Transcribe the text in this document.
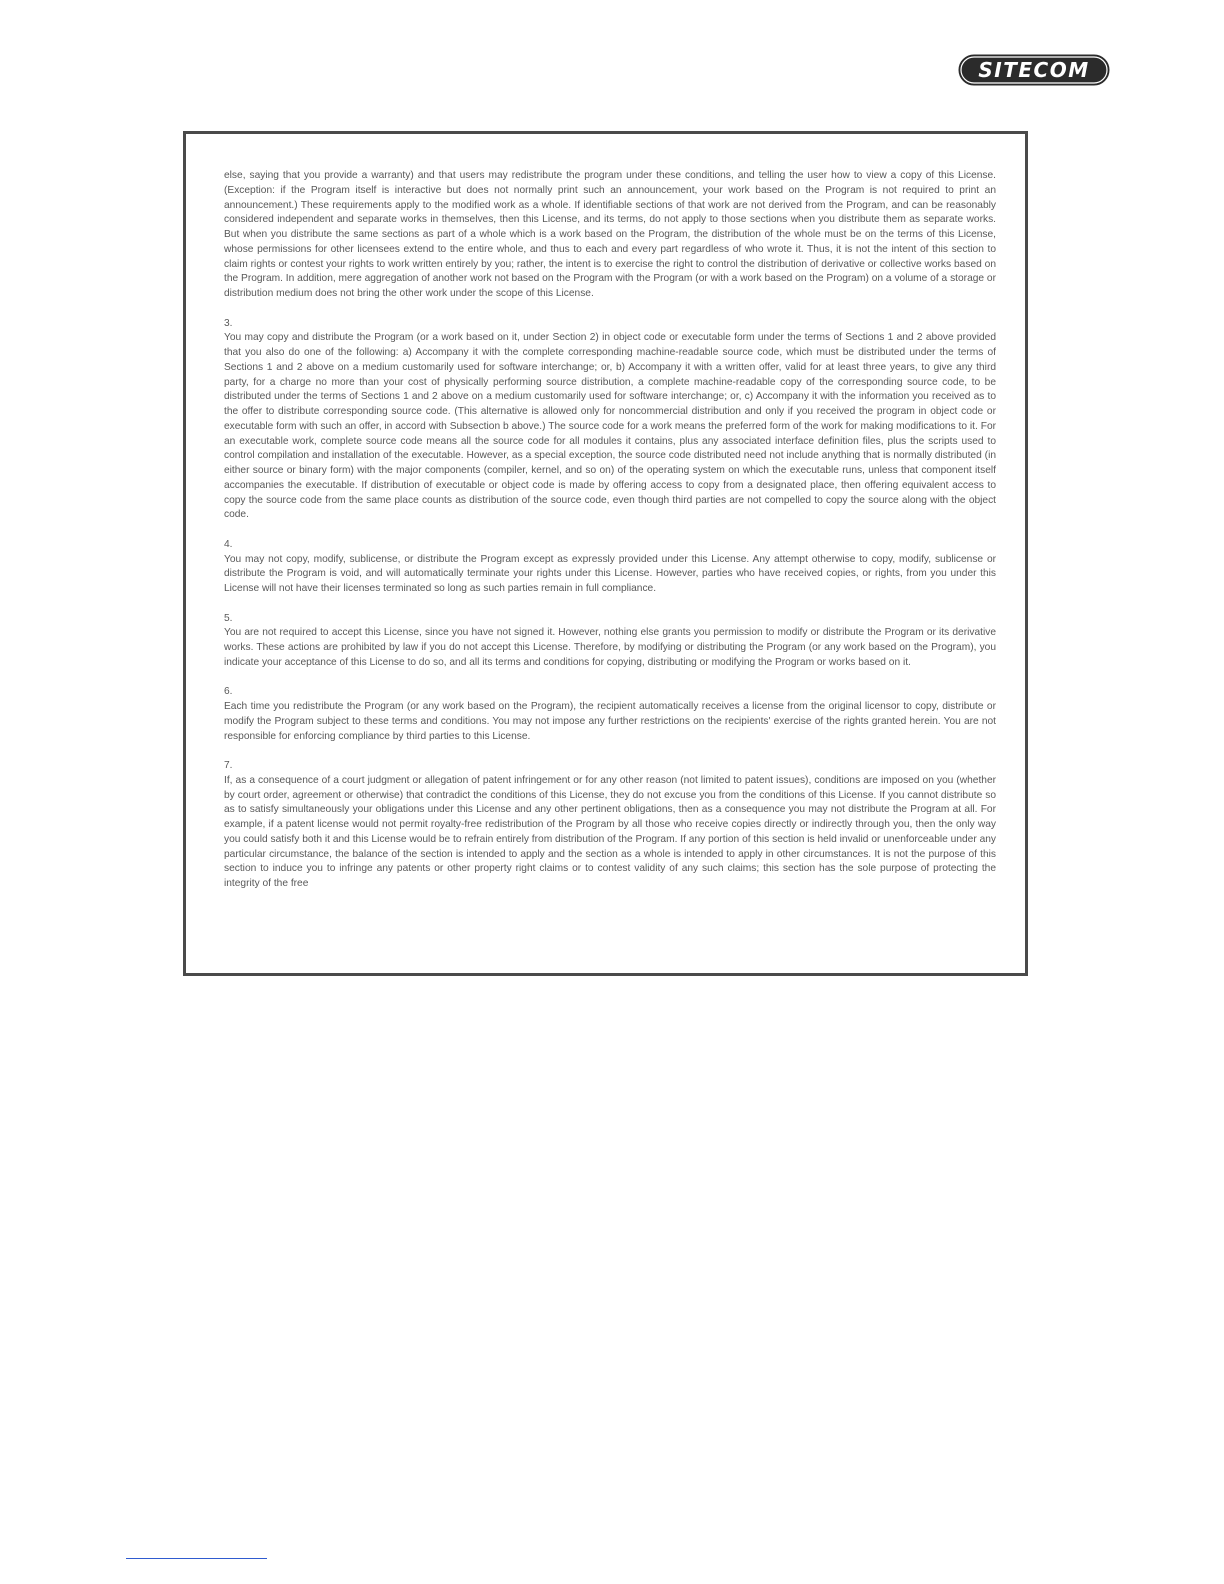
SITECOM

else, saying that you provide a warranty) and that users may redistribute the program under these conditions, and telling the user how to view a copy of this License. (Exception: if the Program itself is interactive but does not normally print such an announcement, your work based on the Program is not required to print an announcement.) These requirements apply to the modified work as a whole. If identifiable sections of that work are not derived from the Program, and can be reasonably considered independent and separate works in themselves, then this License, and its terms, do not apply to those sections when you distribute them as separate works. But when you distribute the same sections as part of a whole which is a work based on the Program, the distribution of the whole must be on the terms of this License, whose permissions for other licensees extend to the entire whole, and thus to each and every part regardless of who wrote it. Thus, it is not the intent of this section to claim rights or contest your rights to work written entirely by you; rather, the intent is to exercise the right to control the distribution of derivative or collective works based on the Program. In addition, mere aggregation of another work not based on the Program with the Program (or with a work based on the Program) on a volume of a storage or distribution medium does not bring the other work under the scope of this License.

3.
You may copy and distribute the Program (or a work based on it, under Section 2) in object code or executable form under the terms of Sections 1 and 2 above provided that you also do one of the following: a) Accompany it with the complete corresponding machine-readable source code, which must be distributed under the terms of Sections 1 and 2 above on a medium customarily used for software interchange; or, b) Accompany it with a written offer, valid for at least three years, to give any third party, for a charge no more than your cost of physically performing source distribution, a complete machine-readable copy of the corresponding source code, to be distributed under the terms of Sections 1 and 2 above on a medium customarily used for software interchange; or, c) Accompany it with the information you received as to the offer to distribute corresponding source code. (This alternative is allowed only for noncommercial distribution and only if you received the program in object code or executable form with such an offer, in accord with Subsection b above.) The source code for a work means the preferred form of the work for making modifications to it. For an executable work, complete source code means all the source code for all modules it contains, plus any associated interface definition files, plus the scripts used to control compilation and installation of the executable. However, as a special exception, the source code distributed need not include anything that is normally distributed (in either source or binary form) with the major components (compiler, kernel, and so on) of the operating system on which the executable runs, unless that component itself accompanies the executable. If distribution of executable or object code is made by offering access to copy from a designated place, then offering equivalent access to copy the source code from the same place counts as distribution of the source code, even though third parties are not compelled to copy the source along with the object code.

4.
You may not copy, modify, sublicense, or distribute the Program except as expressly provided under this License. Any attempt otherwise to copy, modify, sublicense or distribute the Program is void, and will automatically terminate your rights under this License. However, parties who have received copies, or rights, from you under this License will not have their licenses terminated so long as such parties remain in full compliance.

5.
You are not required to accept this License, since you have not signed it. However, nothing else grants you permission to modify or distribute the Program or its derivative works. These actions are prohibited by law if you do not accept this License. Therefore, by modifying or distributing the Program (or any work based on the Program), you indicate your acceptance of this License to do so, and all its terms and conditions for copying, distributing or modifying the Program or works based on it.

6.
Each time you redistribute the Program (or any work based on the Program), the recipient automatically receives a license from the original licensor to copy, distribute or modify the Program subject to these terms and conditions. You may not impose any further restrictions on the recipients' exercise of the rights granted herein. You are not responsible for enforcing compliance by third parties to this License.

7.
If, as a consequence of a court judgment or allegation of patent infringement or for any other reason (not limited to patent issues), conditions are imposed on you (whether by court order, agreement or otherwise) that contradict the conditions of this License, they do not excuse you from the conditions of this License. If you cannot distribute so as to satisfy simultaneously your obligations under this License and any other pertinent obligations, then as a consequence you may not distribute the Program at all. For example, if a patent license would not permit royalty-free redistribution of the Program by all those who receive copies directly or indirectly through you, then the only way you could satisfy both it and this License would be to refrain entirely from distribution of the Program. If any portion of this section is held invalid or unenforceable under any particular circumstance, the balance of the section is intended to apply and the section as a whole is intended to apply in other circumstances. It is not the purpose of this section to induce you to infringe any patents or other property right claims or to contest validity of any such claims; this section has the sole purpose of protecting the integrity of the free
